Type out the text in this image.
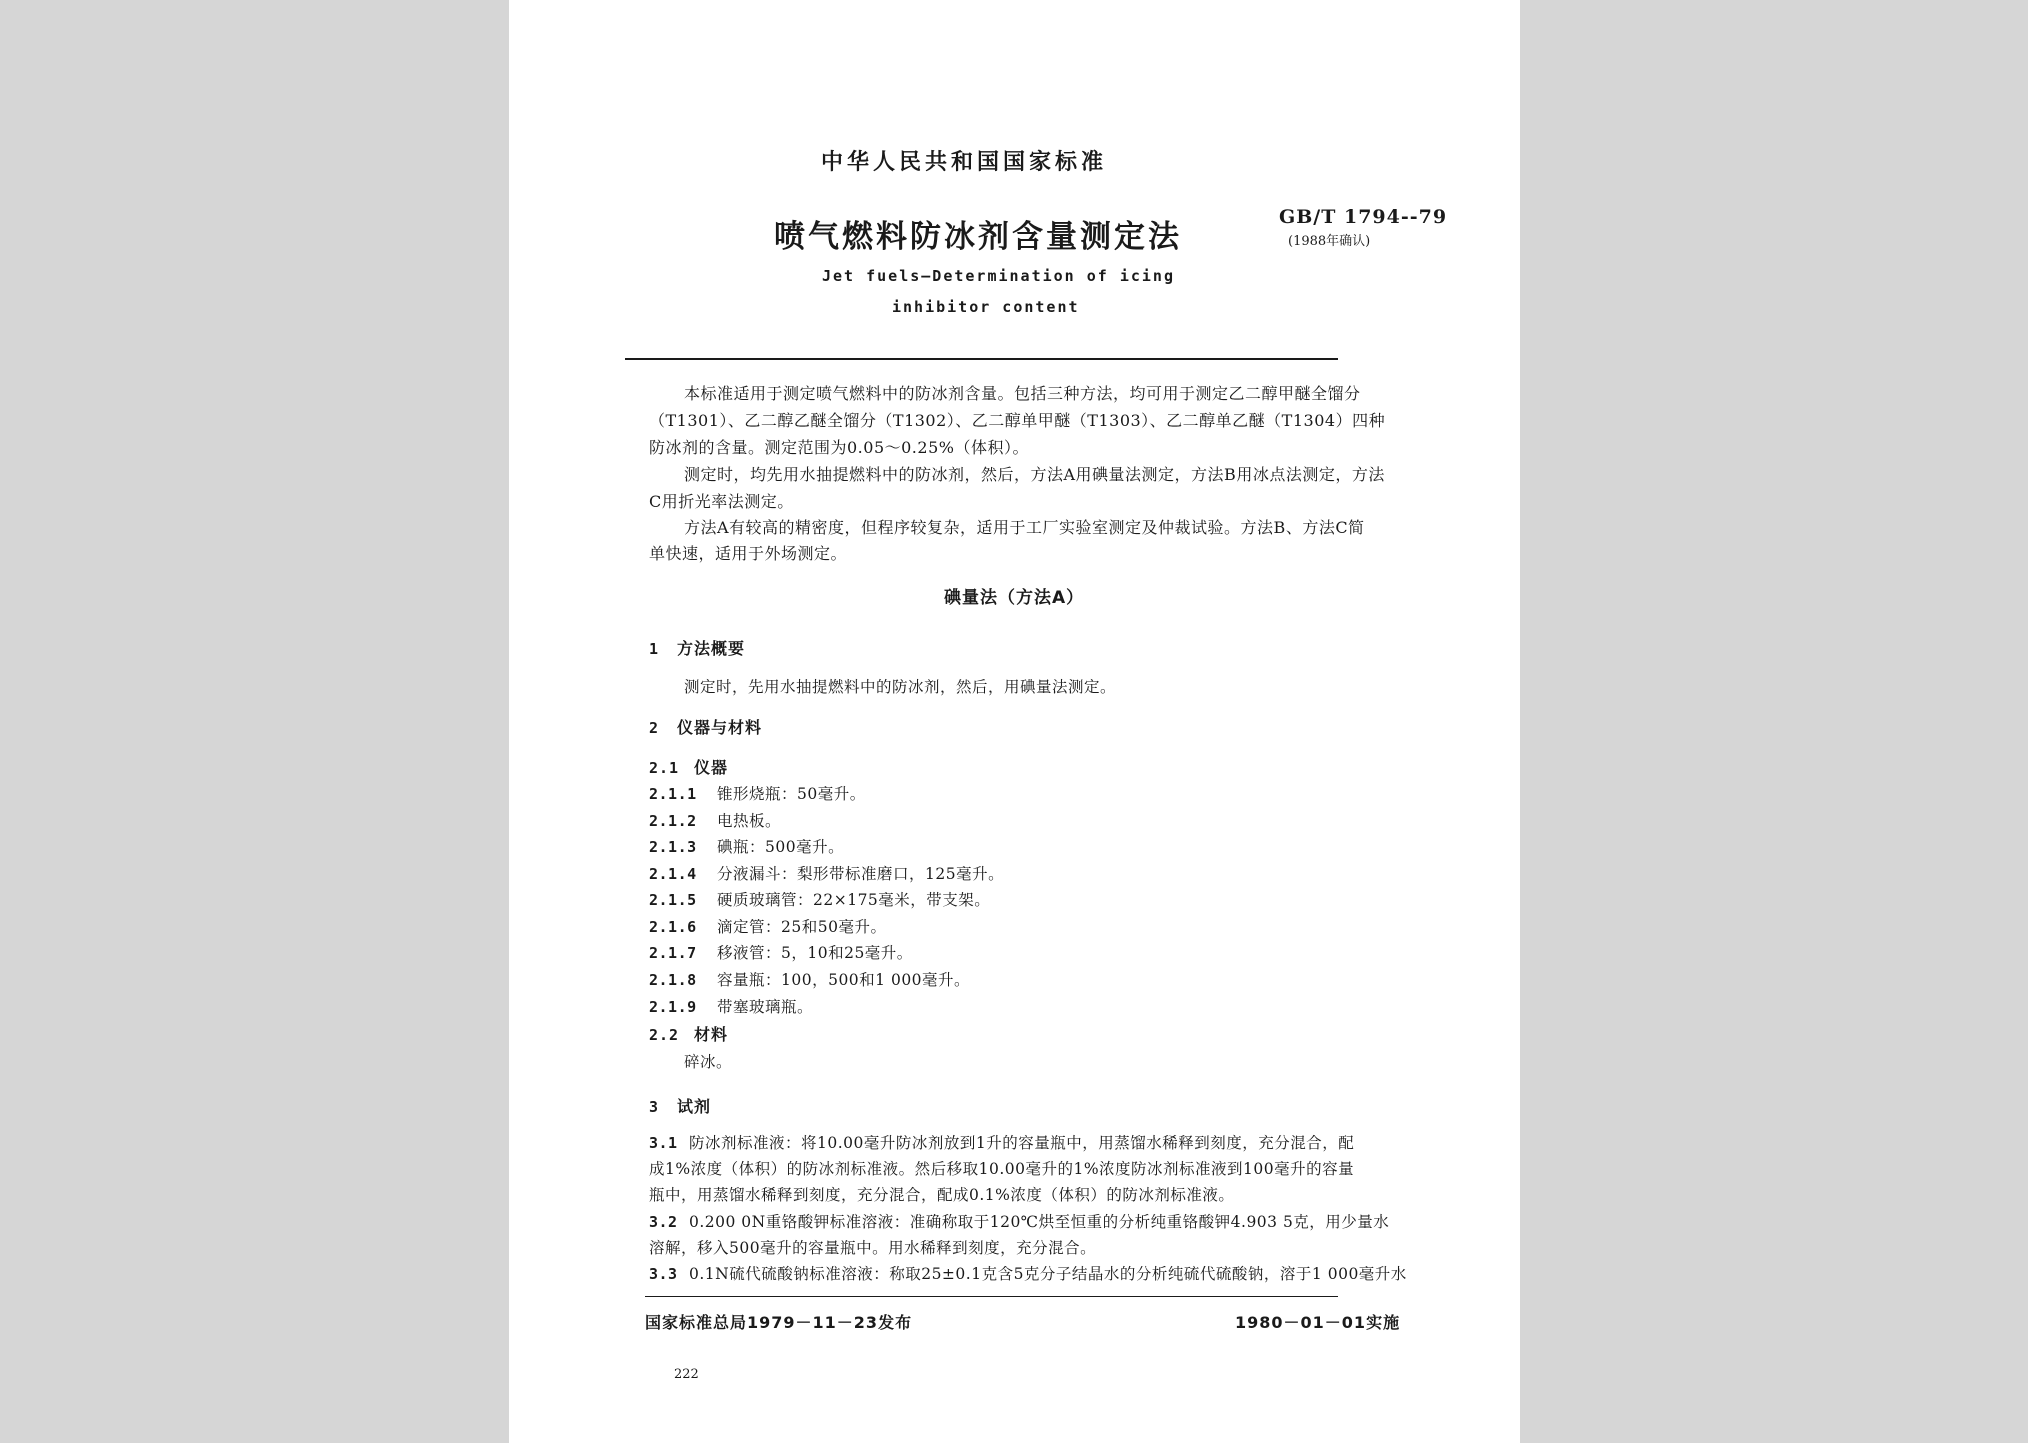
中华人民共和国国家标准
喷气燃料防冰剂含量测定法
GB/T 1794--79
(1988年确认)
Jet fuels—Determination of icing
inhibitor content
本标准适用于测定喷气燃料中的防冰剂含量。包括三种方法，均可用于测定乙二醇甲醚全馏分
（T1301）、乙二醇乙醚全馏分（T1302）、乙二醇单甲醚（T1303）、乙二醇单乙醚（T1304）四种
防冰剂的含量。测定范围为0.05～0.25%（体积）。
测定时，均先用水抽提燃料中的防冰剂，然后，方法A用碘量法测定，方法B用冰点法测定，方法
C用折光率法测定。
方法A有较高的精密度，但程序较复杂，适用于工厂实验室测定及仲裁试验。方法B、方法C简
单快速，适用于外场测定。
碘量法（方法A）
1 方法概要
测定时，先用水抽提燃料中的防冰剂，然后，用碘量法测定。
2 仪器与材料
2.1 仪器
2.1.1 锥形烧瓶：50毫升。
2.1.2 电热板。
2.1.3 碘瓶：500毫升。
2.1.4 分液漏斗：梨形带标准磨口，125毫升。
2.1.5 硬质玻璃管：22×175毫米，带支架。
2.1.6 滴定管：25和50毫升。
2.1.7 移液管：5，10和25毫升。
2.1.8 容量瓶：100，500和1 000毫升。
2.1.9 带塞玻璃瓶。
2.2 材料
碎冰。
3 试剂
3.1 防冰剂标准液：将10.00毫升防冰剂放到1升的容量瓶中，用蒸馏水稀释到刻度，充分混合，配
成1%浓度（体积）的防冰剂标准液。然后移取10.00毫升的1%浓度防冰剂标准液到100毫升的容量
瓶中，用蒸馏水稀释到刻度，充分混合，配成0.1%浓度（体积）的防冰剂标准液。
3.2 0.200 0N重铬酸钾标准溶液：准确称取于120℃烘至恒重的分析纯重铬酸钾4.903 5克，用少量水
溶解，移入500毫升的容量瓶中。用水稀释到刻度，充分混合。
3.3 0.1N硫代硫酸钠标准溶液：称取25±0.1克含5克分子结晶水的分析纯硫代硫酸钠，溶于1 000毫升水
国家标准总局1979－11－23发布	1980－01－01实施
222
